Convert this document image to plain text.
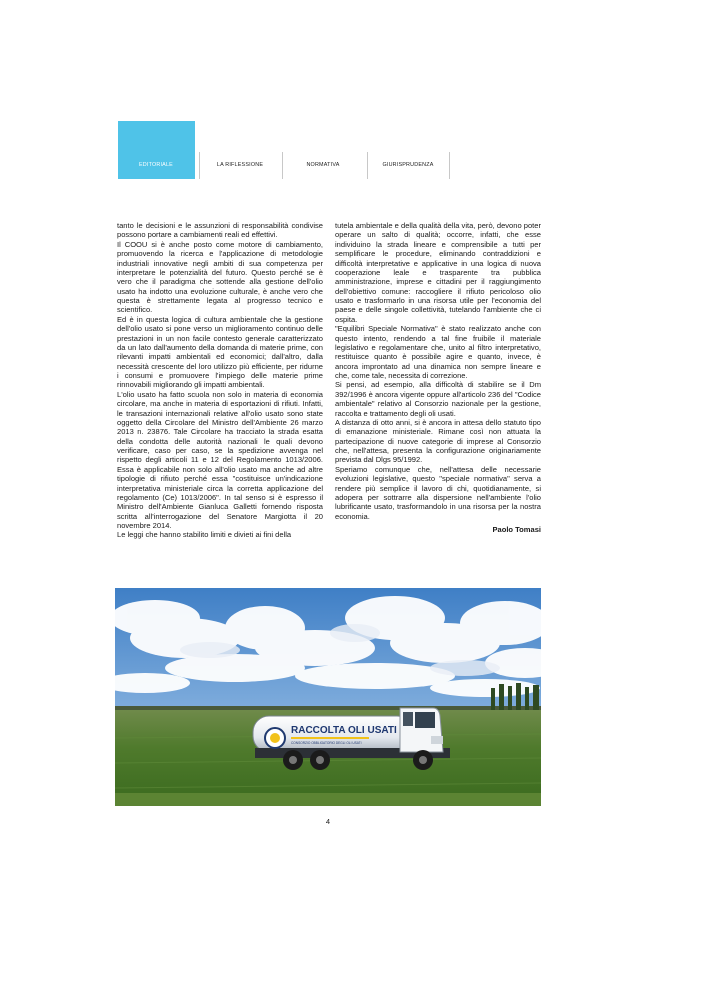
EDITORIALE	LA RIFLESSIONE	NORMATIVA	GIURISPRUDENZA

tanto le decisioni e le assunzioni di responsabilità condivise possono portare a cambiamenti reali ed effettivi.

Il COOU si è anche posto come motore di cambiamento, promuovendo la ricerca e l'applicazione di metodologie industriali innovative negli ambiti di sua competenza per interpretare le potenzialità del futuro. Questo perché se è vero che il paradigma che sottende alla gestione dell'olio usato ha indotto una evoluzione culturale, è anche vero che questa è strettamente legata al progresso tecnico e scientifico.

Ed è in questa logica di cultura ambientale che la gestione dell'olio usato si pone verso un miglioramento continuo delle prestazioni in un non facile contesto generale caratterizzato da un lato dall'aumento della domanda di materie prime, con rilevanti impatti ambientali ed economici; dall'altro, dalla necessità crescente del loro utilizzo più efficiente, per ridurne i consumi e promuovere l'impiego delle materie prime rinnovabili migliorando gli impatti ambientali.

L'olio usato ha fatto scuola non solo in materia di economia circolare, ma anche in materia di esportazioni di rifiuti. Infatti, le transazioni internazionali relative all'olio usato sono state oggetto della Circolare del Ministro dell'Ambiente 26 marzo 2013 n. 23876. Tale Circolare ha tracciato la strada esatta della condotta delle autorità nazionali le quali devono verificare, caso per caso, se la spedizione avvenga nel rispetto degli articoli 11 e 12 del Regolamento 1013/2006. Essa è applicabile non solo all'olio usato ma anche ad altre tipologie di rifiuto perché essa "costituisce un'indicazione interpretativa ministeriale circa la corretta applicazione del regolamento (Ce) 1013/2006". In tal senso si è espresso il Ministro dell'Ambiente Gianluca Galletti fornendo risposta scritta all'interrogazione del Senatore Margiotta il 20 novembre 2014.

Le leggi che hanno stabilito limiti e divieti ai fini della

tutela ambientale e della qualità della vita, però, devono poter operare un salto di qualità; occorre, infatti, che esse individuino la strada lineare e comprensibile a tutti per semplificare le procedure, eliminando contraddizioni e difficoltà interpretative e applicative in una logica di nuova cooperazione leale e trasparente tra pubblica amministrazione, imprese e cittadini per il raggiungimento dell'obiettivo comune: raccogliere il rifiuto pericoloso olio usato e trasformarlo in una risorsa utile per l'economia del paese e delle singole collettività, tutelando l'ambiente che ci ospita.

"Equilibri Speciale Normativa" è stato realizzato anche con questo intento, rendendo a tal fine fruibile il materiale legislativo e regolamentare che, unito al filtro interpretativo, restituisce quanto è possibile agire e quanto, invece, è ancora improntato ad una dinamica non sempre lineare e che, come tale, necessita di correzione.

Si pensi, ad esempio, alla difficoltà di stabilire se il Dm 392/1996 è ancora vigente oppure all'articolo 236 del "Codice ambientale" relativo al Consorzio nazionale per la gestione, raccolta e trattamento degli oli usati.

A distanza di otto anni, si è ancora in attesa dello statuto tipo di emanazione ministeriale. Rimane così non attuata la partecipazione di nuove categorie di imprese al Consorzio che, nell'attesa, presenta la configurazione originariamente prevista dal Dlgs 95/1992.

Speriamo comunque che, nell'attesa delle necessarie evoluzioni legislative, questo "speciale normativa" serva a rendere più semplice il lavoro di chi, quotidianamente, si adopera per sottrarre alla dispersione nell'ambiente l'olio lubrificante usato, trasformandolo in una risorsa per la nostra economia.

Paolo Tomasi

RACCOLTA OLI USATI
CONSORZIO OBBLIGATORIO DEGLI OLI USATI
4
